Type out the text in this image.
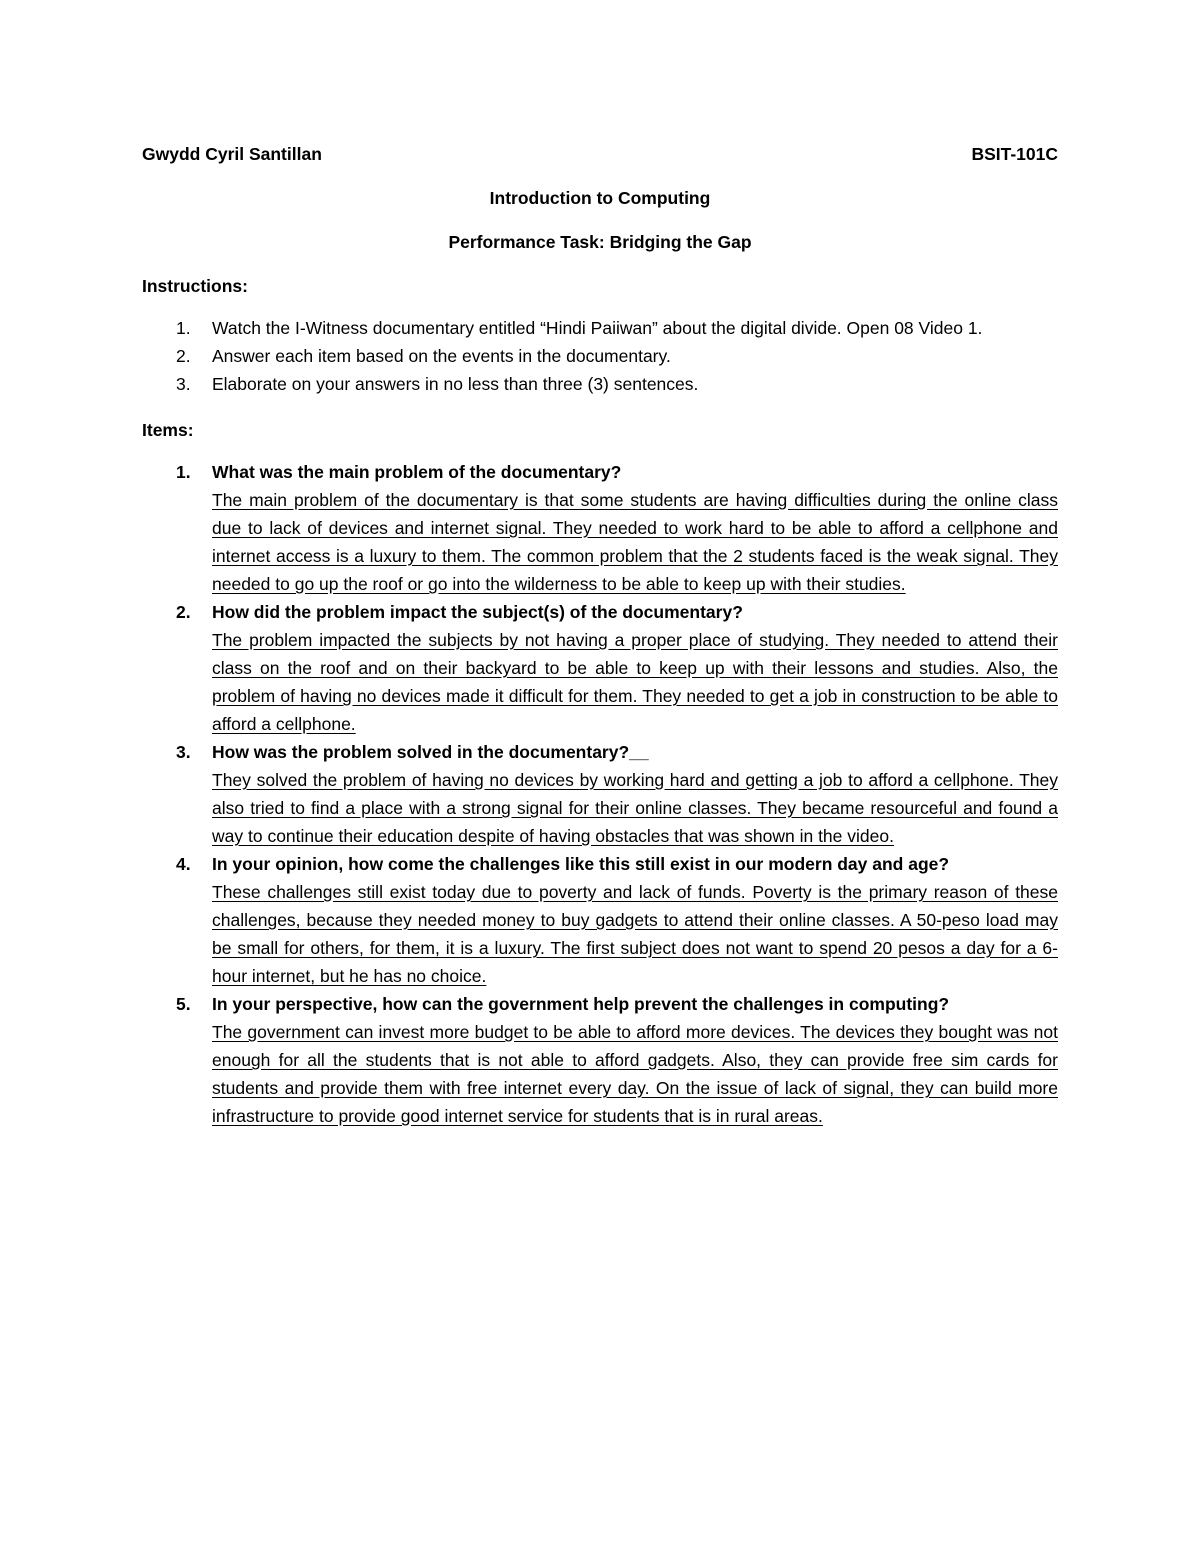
Gwydd Cyril Santillan	BSIT-101C
Introduction to Computing
Performance Task: Bridging the Gap
Instructions:
1.	Watch the I-Witness documentary entitled “Hindi Paiiwan” about the digital divide. Open 08 Video 1.
2.	Answer each item based on the events in the documentary.
3.	Elaborate on your answers in no less than three (3) sentences.
Items:
1.	What was the main problem of the documentary?
The main problem of the documentary is that some students are having difficulties during the online class due to lack of devices and internet signal. They needed to work hard to be able to afford a cellphone and internet access is a luxury to them. The common problem that the 2 students faced is the weak signal. They needed to go up the roof or go into the wilderness to be able to keep up with their studies.
2.	How did the problem impact the subject(s) of the documentary?
The problem impacted the subjects by not having a proper place of studying. They needed to attend their class on the roof and on their backyard to be able to keep up with their lessons and studies. Also, the problem of having no devices made it difficult for them. They needed to get a job in construction to be able to afford a cellphone.
3.	How was the problem solved in the documentary?__
They solved the problem of having no devices by working hard and getting a job to afford a cellphone. They also tried to find a place with a strong signal for their online classes. They became resourceful and found a way to continue their education despite of having obstacles that was shown in the video.
4.	In your opinion, how come the challenges like this still exist in our modern day and age?
These challenges still exist today due to poverty and lack of funds. Poverty is the primary reason of these challenges, because they needed money to buy gadgets to attend their online classes. A 50-peso load may be small for others, for them, it is a luxury. The first subject does not want to spend 20 pesos a day for a 6-hour internet, but he has no choice.
5.	In your perspective, how can the government help prevent the challenges in computing?
The government can invest more budget to be able to afford more devices. The devices they bought was not enough for all the students that is not able to afford gadgets. Also, they can provide free sim cards for students and provide them with free internet every day. On the issue of lack of signal, they can build more infrastructure to provide good internet service for students that is in rural areas.
